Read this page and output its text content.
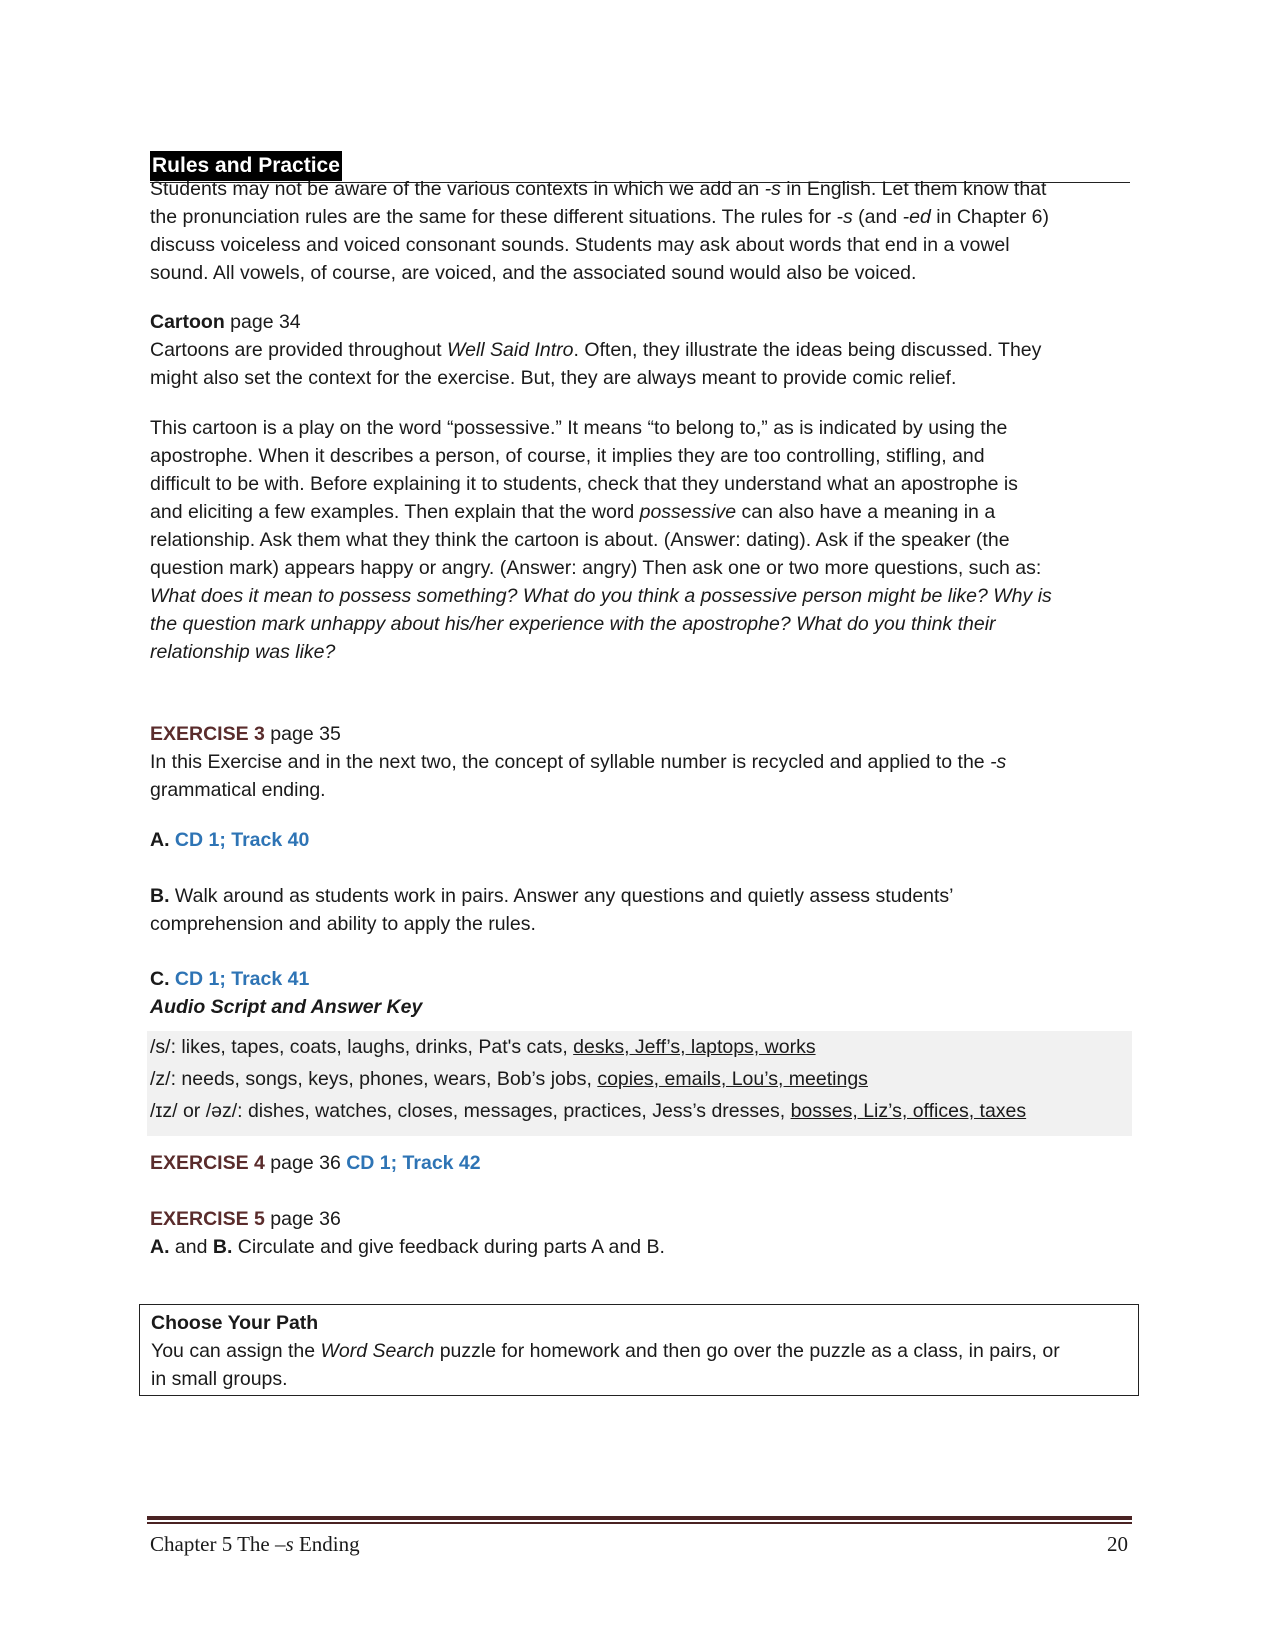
Rules and Practice

Students may not be aware of the various contexts in which we add an -s in English. Let them know that

the pronunciation rules are the same for these different situations. The rules for -s (and -ed in Chapter 6)

discuss voiceless and voiced consonant sounds. Students may ask about words that end in a vowel

sound. All vowels, of course, are voiced, and the associated sound would also be voiced.

Cartoon page 34

Cartoons are provided throughout Well Said Intro. Often, they illustrate the ideas being discussed. They

might also set the context for the exercise. But, they are always meant to provide comic relief.

This cartoon is a play on the word “possessive.” It means “to belong to,” as is indicated by using the

apostrophe. When it describes a person, of course, it implies they are too controlling, stifling, and

difficult to be with. Before explaining it to students, check that they understand what an apostrophe is

and eliciting a few examples. Then explain that the word possessive can also have a meaning in a

relationship. Ask them what they think the cartoon is about. (Answer: dating). Ask if the speaker (the

question mark) appears happy or angry. (Answer: angry) Then ask one or two more questions, such as:

What does it mean to possess something? What do you think a possessive person might be like? Why is

the question mark unhappy about his/her experience with the apostrophe? What do you think their

relationship was like?

EXERCISE 3 page 35

In this Exercise and in the next two, the concept of syllable number is recycled and applied to the -s

grammatical ending.

A. CD 1; Track 40

B. Walk around as students work in pairs. Answer any questions and quietly assess students’

comprehension and ability to apply the rules.

C. CD 1; Track 41

Audio Script and Answer Key

/s/: likes, tapes, coats, laughs, drinks, Pat's cats, desks, Jeff’s, laptops, works
/z/: needs, songs, keys, phones, wears, Bob’s jobs, copies, emails, Lou’s, meetings
/ɪz/ or /əz/: dishes, watches, closes, messages, practices, Jess’s dresses, bosses, Liz’s, offices, taxes

EXERCISE 4 page 36 CD 1; Track 42

EXERCISE 5 page 36

A. and B. Circulate and give feedback during parts A and B.

Choose Your Path

You can assign the Word Search puzzle for homework and then go over the puzzle as a class, in pairs, or

in small groups.

Chapter 5 The –s Ending	20
